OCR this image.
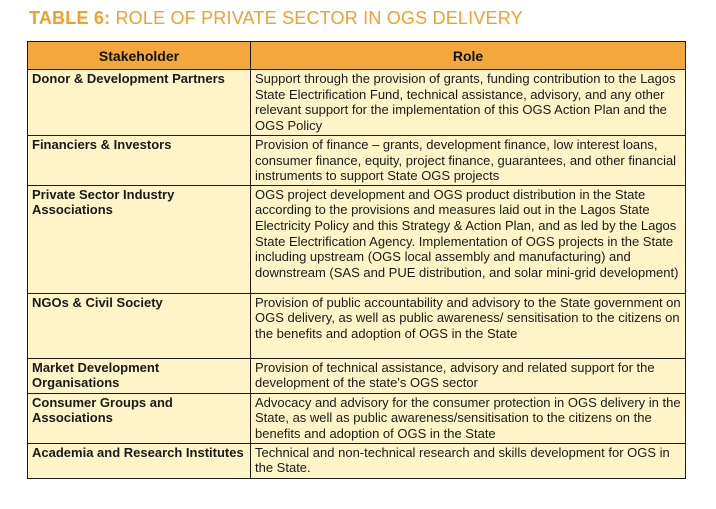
TABLE 6: ROLE OF PRIVATE SECTOR IN OGS DELIVERY
Stakeholder	Role
Donor & Development Partners	Support through the provision of grants, funding contribution to the Lagos State Electrification Fund, technical assistance, advisory, and any other relevant support for the implementation of this OGS Action Plan and the OGS Policy
Financiers & Investors	Provision of finance – grants, development finance, low interest loans, consumer finance, equity, project finance, guarantees, and other financial instruments to support State OGS projects
Private Sector Industry Associations	OGS project development and OGS product distribution in the State according to the provisions and measures laid out in the Lagos State Electricity Policy and this Strategy & Action Plan, and as led by the Lagos State Electrification Agency. Implementation of OGS projects in the State including upstream (OGS local assembly and manufacturing) and downstream (SAS and PUE distribution, and solar mini-grid development)
NGOs & Civil Society	Provision of public accountability and advisory to the State government on OGS delivery, as well as public awareness/ sensitisation to the citizens on the benefits and adoption of OGS in the State
Market Development Organisations	Provision of technical assistance, advisory and related support for the development of the state's OGS sector
Consumer Groups and Associations	Advocacy and advisory for the consumer protection in OGS delivery in the State, as well as public awareness/sensitisation to the citizens on the benefits and adoption of OGS in the State
Academia and Research Institutes	Technical and non-technical research and skills development for OGS in the State.
